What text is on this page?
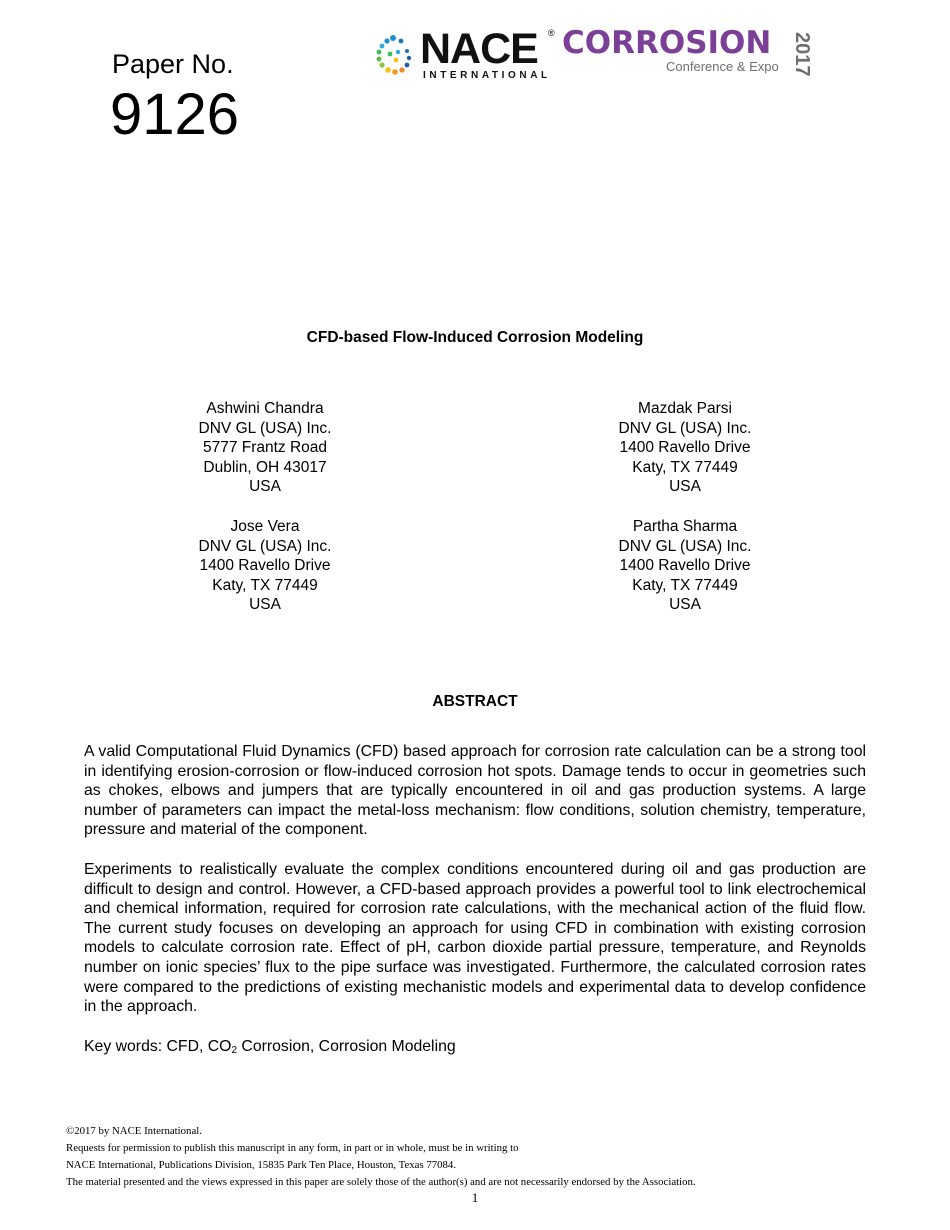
Paper No.
9126
NACE ®
INTERNATIONAL
CORROSION
Conference & Expo 2017
CFD-based Flow-Induced Corrosion Modeling
Ashwini Chandra
DNV GL (USA) Inc.
5777 Frantz Road
Dublin, OH 43017
USA
Mazdak Parsi
DNV GL (USA) Inc.
1400 Ravello Drive
Katy, TX 77449
USA
Jose Vera
DNV GL (USA) Inc.
1400 Ravello Drive
Katy, TX 77449
USA
Partha Sharma
DNV GL (USA) Inc.
1400 Ravello Drive
Katy, TX 77449
USA
ABSTRACT
A valid Computational Fluid Dynamics (CFD) based approach for corrosion rate calculation can be a strong tool in identifying erosion-corrosion or flow-induced corrosion hot spots. Damage tends to occur in geometries such as chokes, elbows and jumpers that are typically encountered in oil and gas production systems. A large number of parameters can impact the metal-loss mechanism: flow conditions, solution chemistry, temperature, pressure and material of the component.
Experiments to realistically evaluate the complex conditions encountered during oil and gas production are difficult to design and control. However, a CFD-based approach provides a powerful tool to link electrochemical and chemical information, required for corrosion rate calculations, with the mechanical action of the fluid flow. The current study focuses on developing an approach for using CFD in combination with existing corrosion models to calculate corrosion rate. Effect of pH, carbon dioxide partial pressure, temperature, and Reynolds number on ionic species’ flux to the pipe surface was investigated. Furthermore, the calculated corrosion rates were compared to the predictions of existing mechanistic models and experimental data to develop confidence in the approach.
Key words: CFD, $CO_2$ Corrosion, Corrosion Modeling
©2017 by NACE International.
Requests for permission to publish this manuscript in any form, in part or in whole, must be in writing to
NACE International, Publications Division, 15835 Park Ten Place, Houston, Texas 77084.
The material presented and the views expressed in this paper are solely those of the author(s) and are not necessarily endorsed by the Association.
1
